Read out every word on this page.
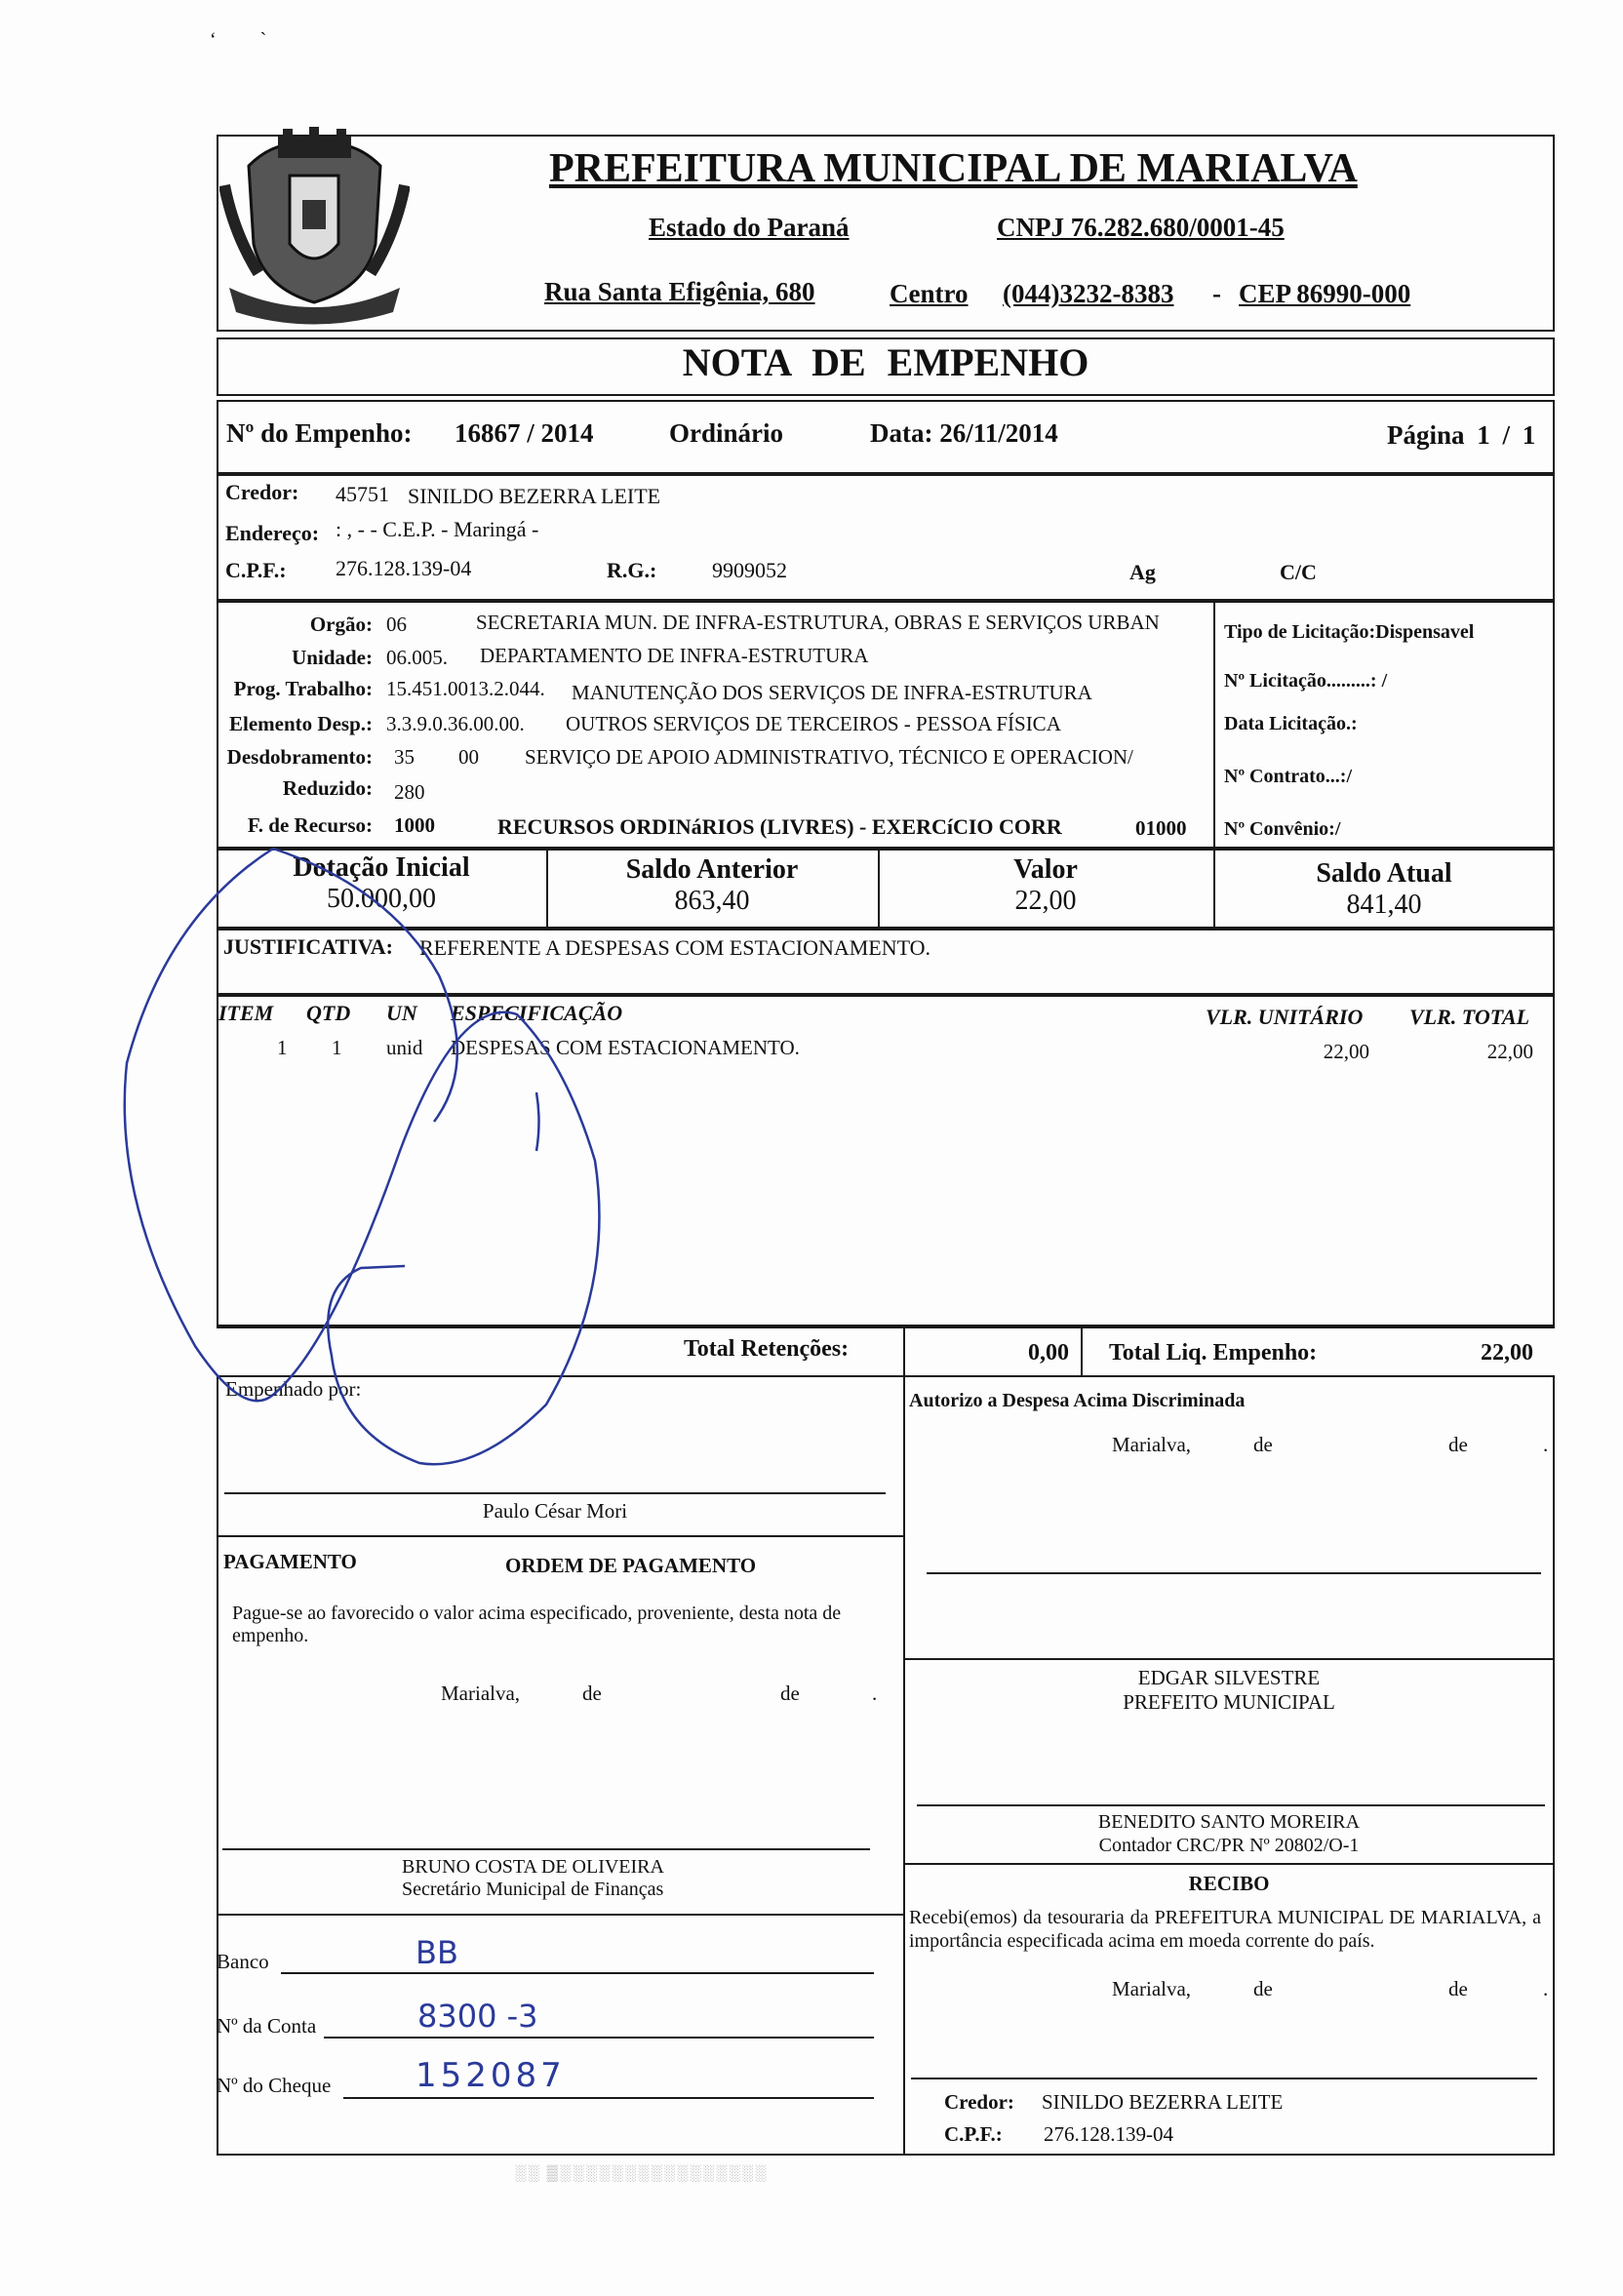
‘         `
PREFEITURA MUNICIPAL DE MARIALVA
Estado do Paraná	CNPJ 76.282.680/0001-45
Rua Santa Efigênia, 680	Centro (044)3232-8383 - CEP 86990-000
NOTA DE EMPENHO
Nº do Empenho: 16867 / 2014	Ordinário	Data: 26/11/2014	Página 1 / 1
Credor: 45751 SINILDO BEZERRA LEITE
Endereço: : , - - C.E.P. - Maringá -
C.P.F.: 276.128.139-04	R.G.:	9909052	Ag	C/C
Orgão: 06	SECRETARIA MUN. DE INFRA-ESTRUTURA, OBRAS E SERVIÇOS URBAN
Unidade: 06.005. DEPARTAMENTO DE INFRA-ESTRUTURA
Prog. Trabalho: 15.451.0013.2.044. MANUTENÇÃO DOS SERVIÇOS DE INFRA-ESTRUTURA
Elemento Desp.: 3.3.9.0.36.00.00. OUTROS SERVIÇOS DE TERCEIROS - PESSOA FÍSICA
Desdobramento: 35 00 SERVIÇO DE APOIO ADMINISTRATIVO, TÉCNICO E OPERACION/
Reduzido: 280
F. de Recurso: 1000	RECURSOS ORDINáRIOS (LIVRES) - EXERCíCIO CORR	01000
Tipo de Licitação:Dispensavel
Nº Licitação.........: /
Data Licitação.:
Nº Contrato...:/
Nº Convênio:/
Dotação Inicial
50.000,00
Saldo Anterior
863,40
Valor
22,00
Saldo Atual
841,40
JUSTIFICATIVA: REFERENTE A DESPESAS COM ESTACIONAMENTO.
ITEM QTD UN ESPECIFICAÇÃO	VLR. UNITÁRIO VLR. TOTAL
1 1 unid DESPESAS COM ESTACIONAMENTO.	22,00	22,00
Total Retenções:	0,00 Total Liq. Empenho:	22,00
Empenhado por:
Paulo César Mori
Autorizo a Despesa Acima Discriminada
Marialva,	de	de	.
PAGAMENTO	ORDEM DE PAGAMENTO
Pague-se ao favorecido o valor acima especificado, proveniente, desta nota de empenho.
Marialva,	de	de	.
EDGAR SILVESTRE
PREFEITO MUNICIPAL
BENEDITO SANTO MOREIRA
Contador CRC/PR Nº 20802/O-1
BRUNO COSTA DE OLIVEIRA
Secretário Municipal de Finanças	RECIBO
Recebi(emos) da tesouraria da PREFEITURA MUNICIPAL DE MARIALVA, a importância especificada acima em moeda corrente do país.
Marialva,	de	de	.
Credor: SINILDO BEZERRA LEITE
C.P.F.: 276.128.139-04
Banco	BB
Nº da Conta	8300 -3
Nº do Cheque	152087
░░ ▒░░░░░░░░░░░░░░░░
